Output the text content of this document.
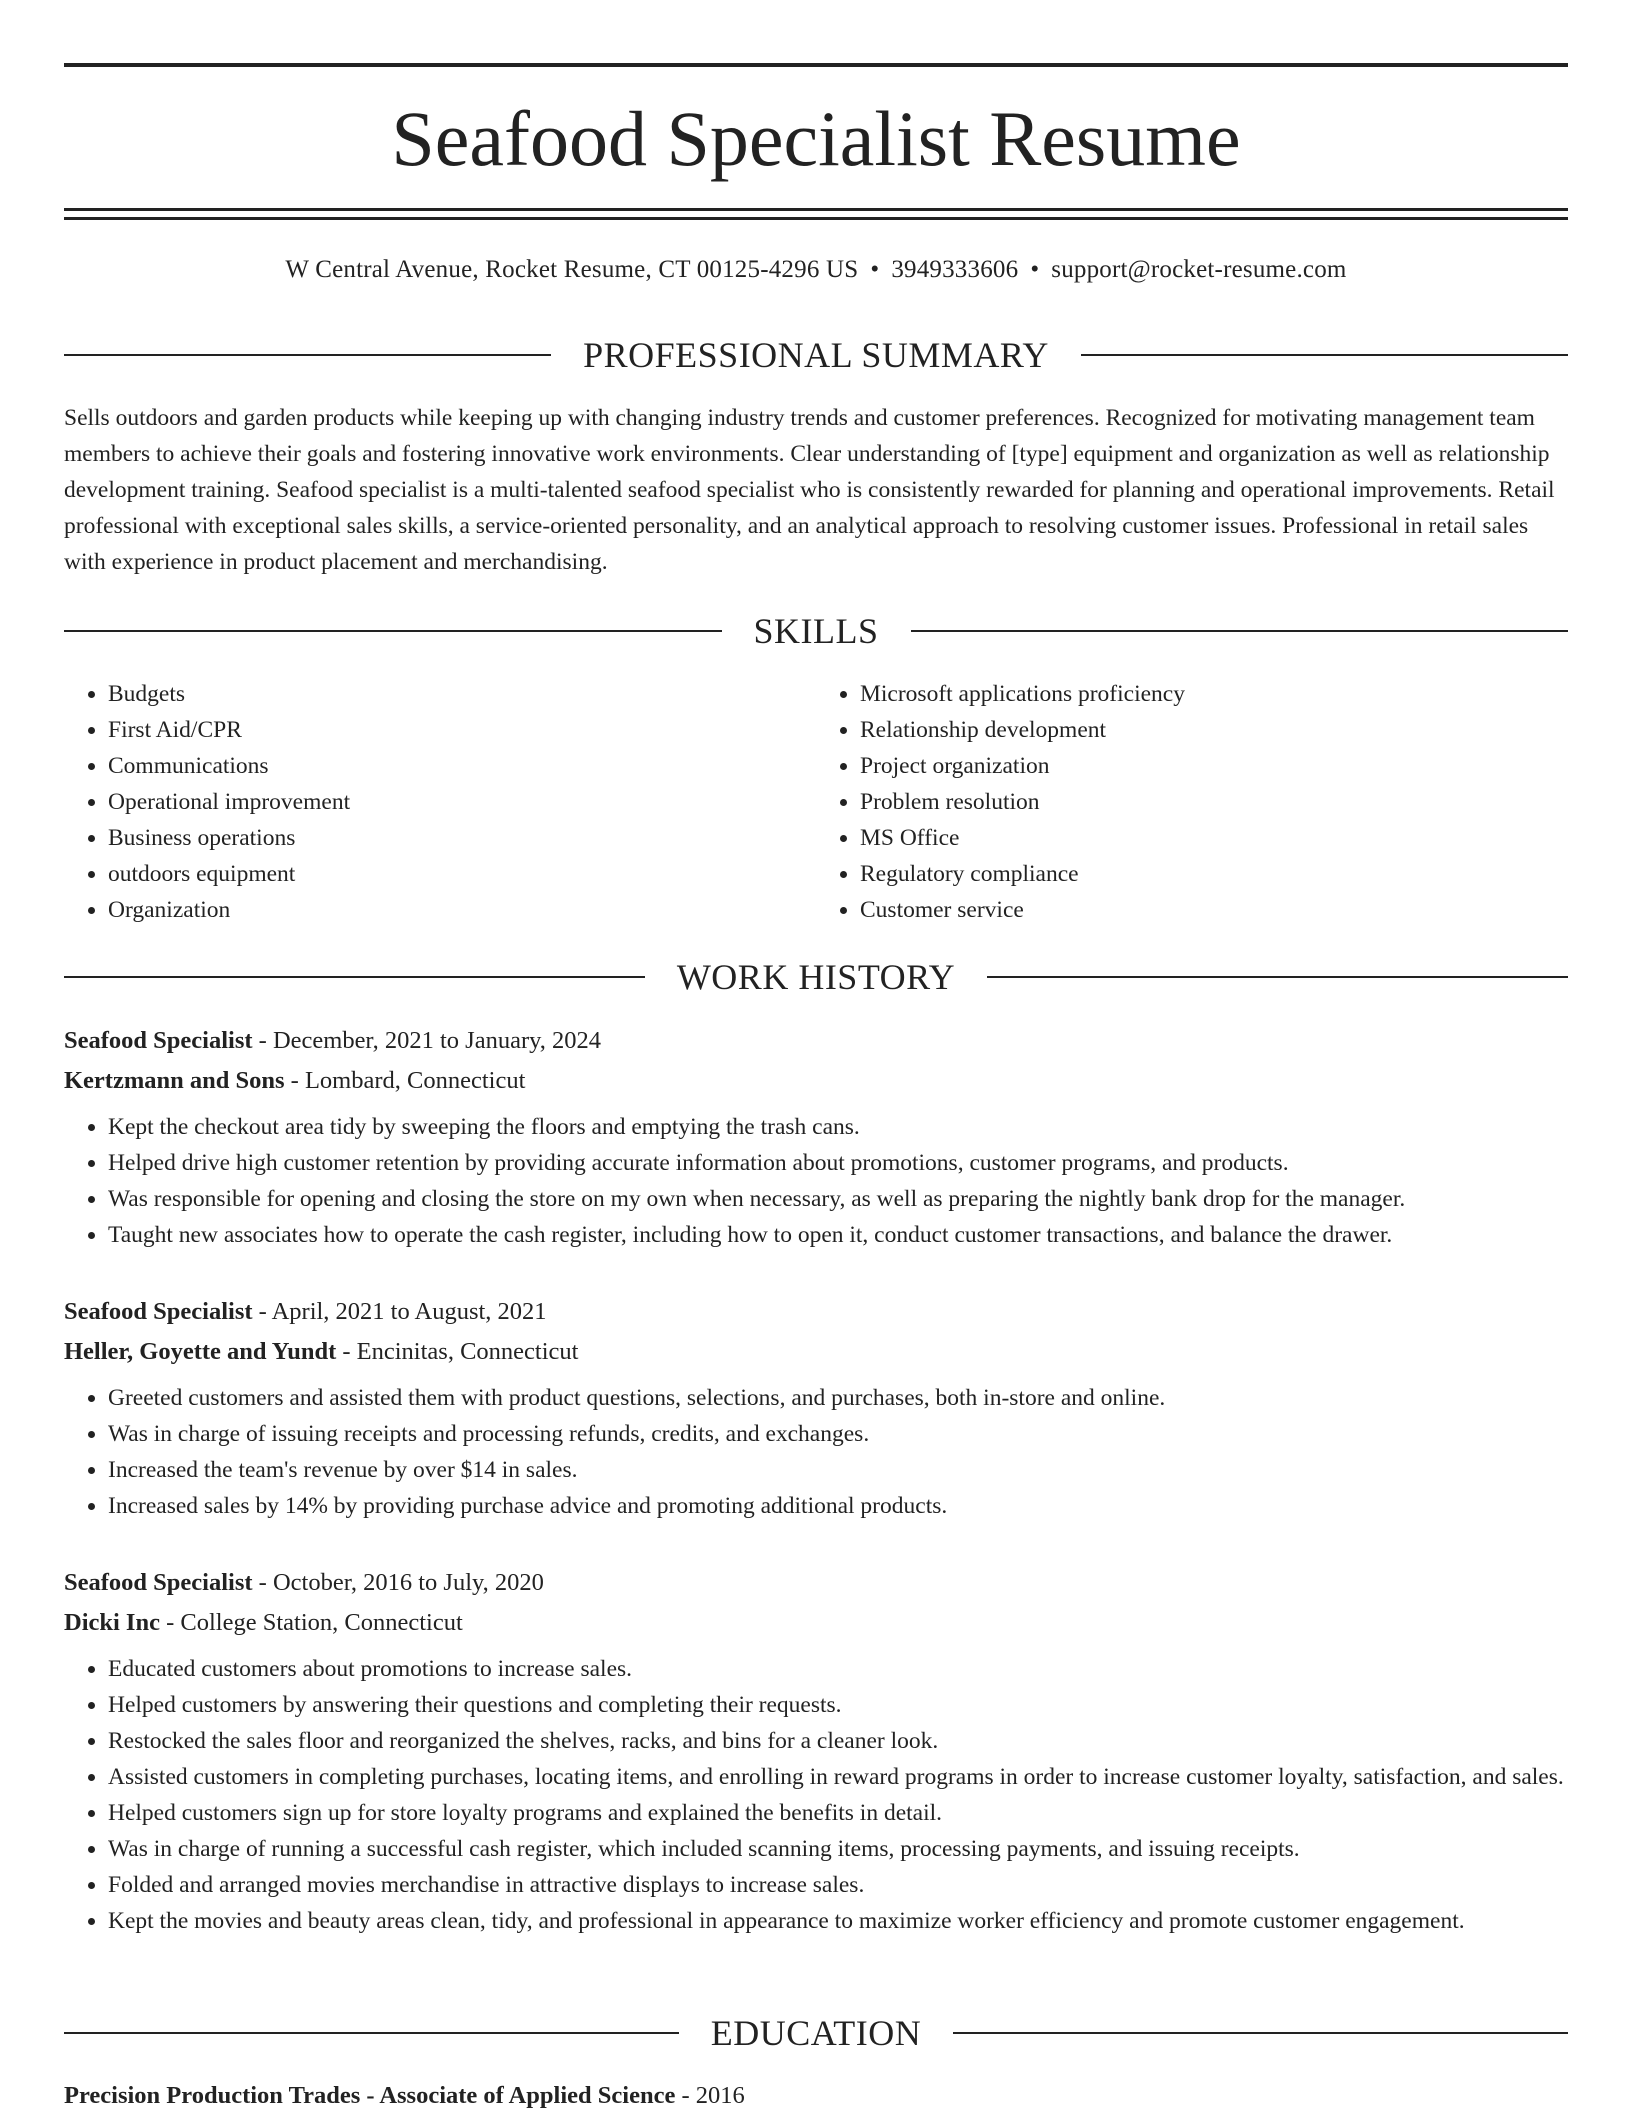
Seafood Specialist Resume
W Central Avenue, Rocket Resume, CT 00125-4296 US • 3949333606 • support@rocket-resume.com
PROFESSIONAL SUMMARY

Sells outdoors and garden products while keeping up with changing industry trends and customer preferences. Recognized for motivating management team members to achieve their goals and fostering innovative work environments. Clear understanding of [type] equipment and organization as well as relationship development training. Seafood specialist is a multi-talented seafood specialist who is consistently rewarded for planning and operational improvements. Retail professional with exceptional sales skills, a service-oriented personality, and an analytical approach to resolving customer issues. Professional in retail sales with experience in product placement and merchandising.

SKILLS
• Budgets
• First Aid/CPR
• Communications
• Operational improvement
• Business operations
• outdoors equipment
• Organization
• Microsoft applications proficiency
• Relationship development
• Project organization
• Problem resolution
• MS Office
• Regulatory compliance
• Customer service
WORK HISTORY
Seafood Specialist - December, 2021 to January, 2024
Kertzmann and Sons - Lombard, Connecticut
• Kept the checkout area tidy by sweeping the floors and emptying the trash cans.
• Helped drive high customer retention by providing accurate information about promotions, customer programs, and products.
• Was responsible for opening and closing the store on my own when necessary, as well as preparing the nightly bank drop for the manager.
• Taught new associates how to operate the cash register, including how to open it, conduct customer transactions, and balance the drawer.
Seafood Specialist - April, 2021 to August, 2021
Heller, Goyette and Yundt - Encinitas, Connecticut
• Greeted customers and assisted them with product questions, selections, and purchases, both in-store and online.
• Was in charge of issuing receipts and processing refunds, credits, and exchanges.
• Increased the team's revenue by over $14 in sales.
• Increased sales by 14% by providing purchase advice and promoting additional products.
Seafood Specialist - October, 2016 to July, 2020
Dicki Inc - College Station, Connecticut
• Educated customers about promotions to increase sales.
• Helped customers by answering their questions and completing their requests.
• Restocked the sales floor and reorganized the shelves, racks, and bins for a cleaner look.
• Assisted customers in completing purchases, locating items, and enrolling in reward programs in order to increase customer loyalty, satisfaction, and sales.
• Helped customers sign up for store loyalty programs and explained the benefits in detail.
• Was in charge of running a successful cash register, which included scanning items, processing payments, and issuing receipts.
• Folded and arranged movies merchandise in attractive displays to increase sales.
• Kept the movies and beauty areas clean, tidy, and professional in appearance to maximize worker efficiency and promote customer engagement.
EDUCATION
Precision Production Trades - Associate of Applied Science - 2016
